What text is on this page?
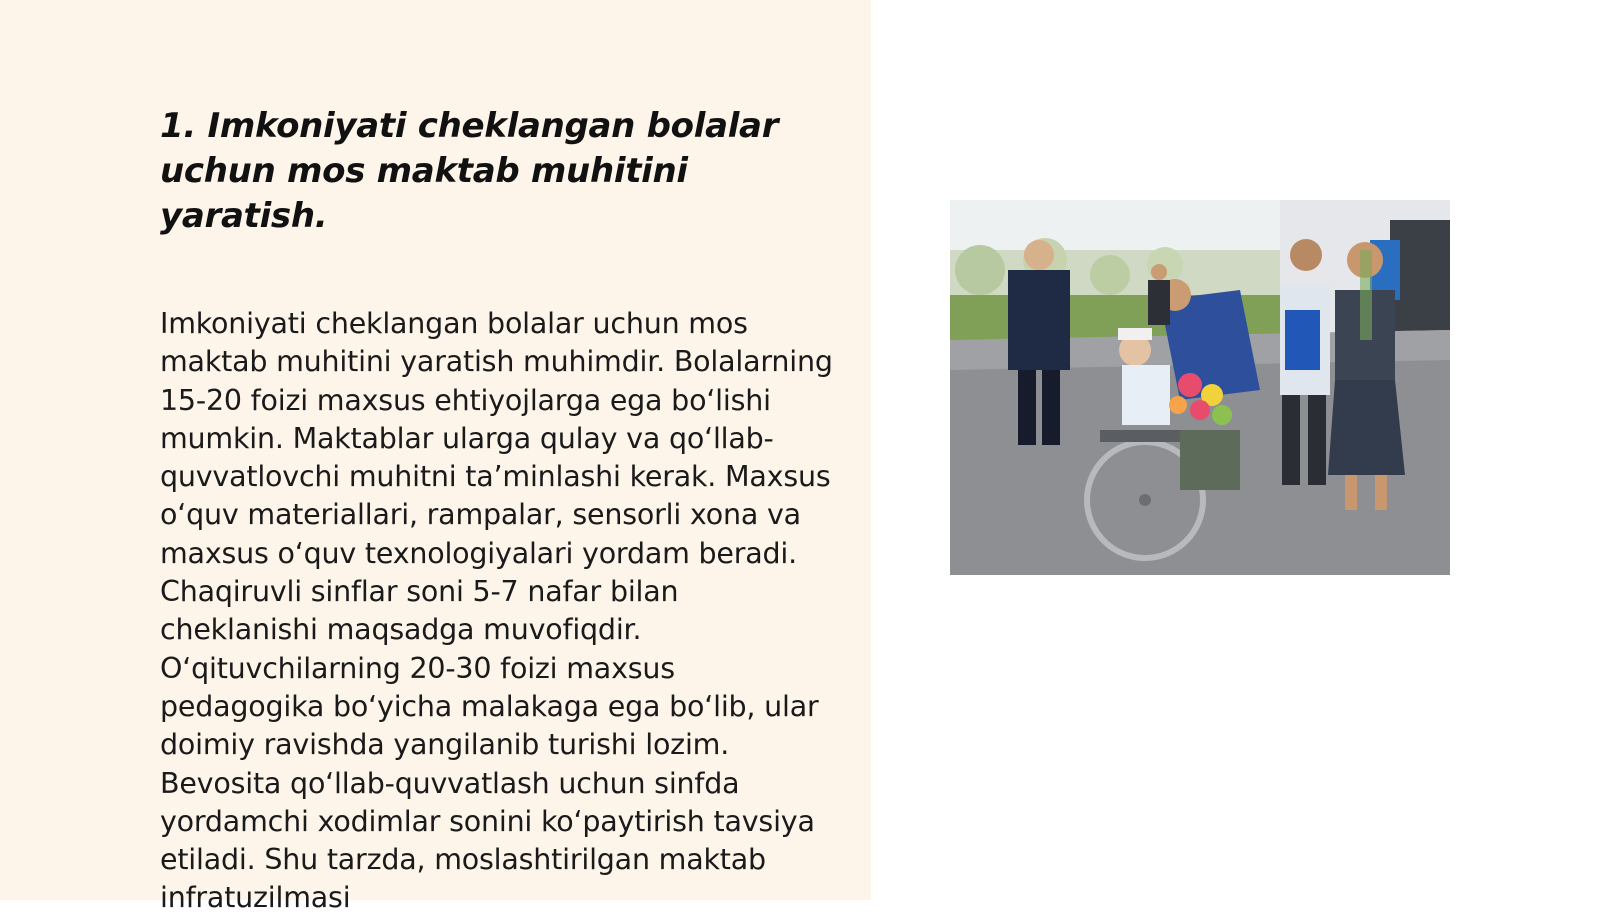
1. Imkoniyati cheklangan bolalar uchun mos maktab muhitini yaratish.

Imkoniyati cheklangan bolalar uchun mos maktab muhitini yaratish muhimdir. Bolalarning 15-20 foizi maxsus ehtiyojlarga ega bo‘lishi mumkin. Maktablar ularga qulay va qo‘llab-quvvatlovchi muhitni ta’minlashi kerak. Maxsus o‘quv materiallari, rampalar, sensorli xona va maxsus o‘quv texnologiyalari yordam beradi. Chaqiruvli sinflar soni 5-7 nafar bilan cheklanishi maqsadga muvofiqdir. O‘qituvchilarning 20-30 foizi maxsus pedagogika bo‘yicha malakaga ega bo‘lib, ular doimiy ravishda yangilanib turishi lozim. Bevosita qo‘llab-quvvatlash uchun sinfda yordamchi xodimlar sonini ko‘paytirish tavsiya etiladi. Shu tarzda, moslashtirilgan maktab infratuzilmasi
